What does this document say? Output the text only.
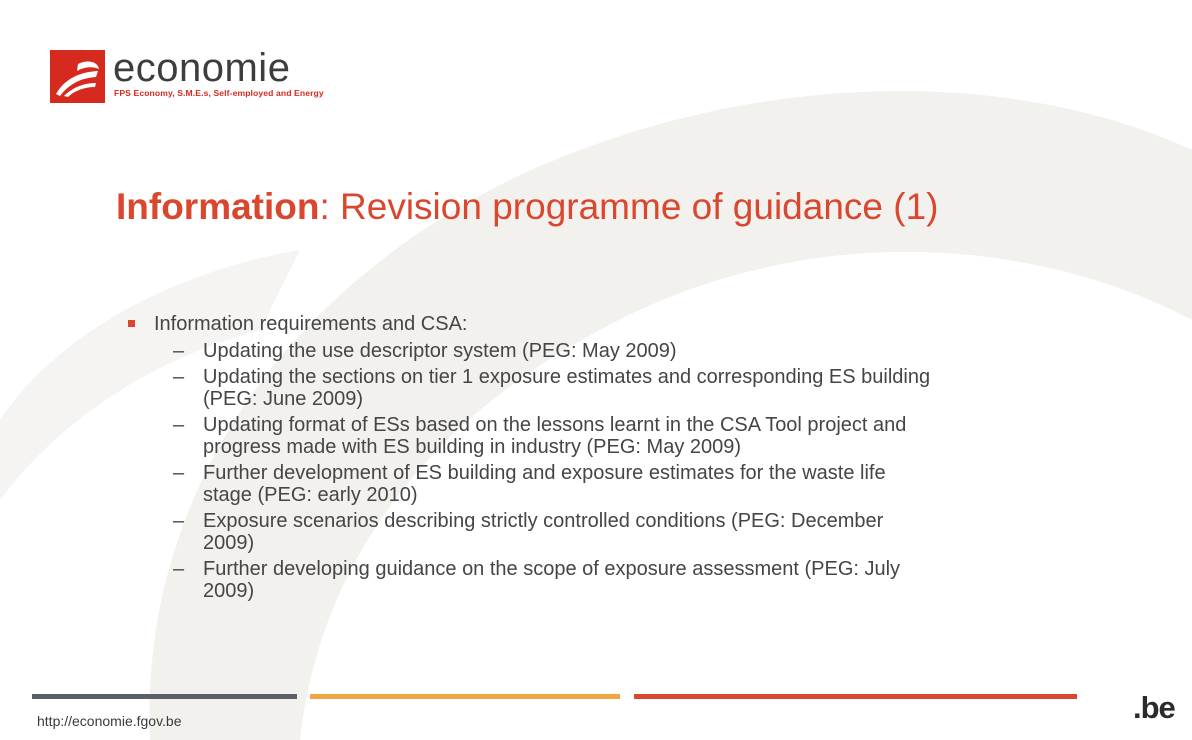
economie
FPS Economy, S.M.E.s, Self-employed and Energy
Information: Revision programme of guidance (1)
Information requirements and CSA:
– Updating the use descriptor system (PEG: May 2009)
– Updating the sections on tier 1 exposure estimates and corresponding ES building
(PEG: June 2009)
– Updating format of ESs based on the lessons learnt in the CSA Tool project and
progress made with ES building in industry (PEG: May 2009)
– Further development of ES building and exposure estimates for the waste life
stage (PEG: early 2010)
– Exposure scenarios describing strictly controlled conditions (PEG: December
2009)
– Further developing guidance on the scope of exposure assessment (PEG: July
2009)
http://economie.fgov.be	.be
